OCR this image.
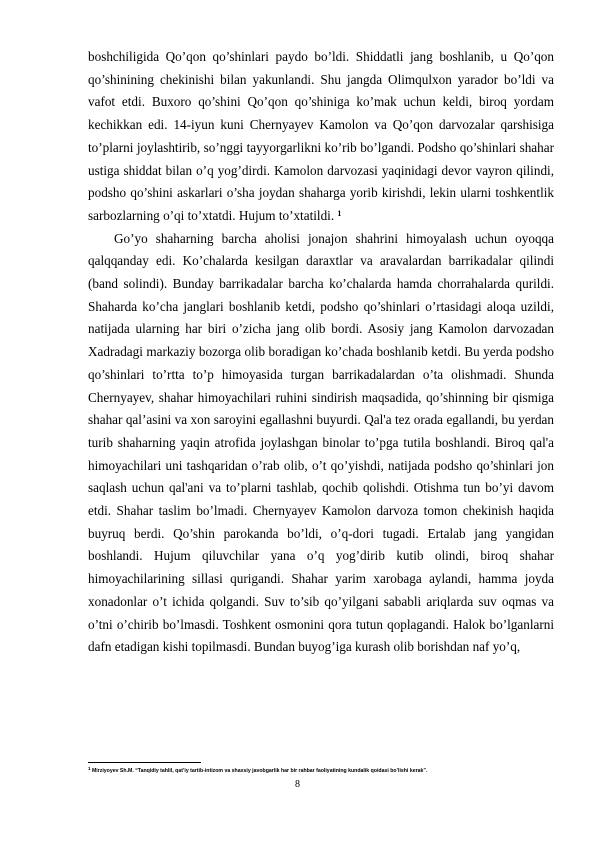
boshchiligida Qo’qon qo’shinlari paydo bo’ldi. Shiddatli jang boshlanib, u Qo’qon qo’shinining chekinishi bilan yakunlandi. Shu jangda Olimqulxon yarador bo’ldi va vafot etdi. Buxoro qo’shini Qo’qon qo’shiniga ko’mak uchun keldi, biroq yordam kechikkan edi. 14-iyun kuni Chernyayev Kamolon va Qo’qon darvozalar qarshisiga to’plarni joylashtirib, so’nggi tayyorgarlikni ko’rib bo’lgandi. Podsho qo’shinlari shahar ustiga shiddat bilan o’q yog’dirdi. Kamolon darvozasi yaqinidagi devor vayron qilindi, podsho qo’shini askarlari o’sha joydan shaharga yorib kirishdi, lekin ularni toshkentlik sarbozlarning o’qi to’xtatdi. Hujum to’xtatildi. $^1$

Go’yo shaharning barcha aholisi jonajon shahrini himoyalash uchun oyoqqa qalqqanday edi. Ko’chalarda kesilgan daraxtlar va aravalardan barrikadalar qilindi (band solindi). Bunday barrikadalar barcha ko’chalarda hamda chorrahalarda qurildi. Shaharda ko’cha janglari boshlanib ketdi, podsho qo’shinlari o’rtasidagi aloqa uzildi, natijada ularning har biri o’zicha jang olib bordi. Asosiy jang Kamolon darvozadan Xadradagi markaziy bozorga olib boradigan ko’chada boshlanib ketdi. Bu yerda podsho qo’shinlari to’rtta to’p himoyasida turgan barrikadalardan o’ta olishmadi. Shunda Chernyayev, shahar himoyachilari ruhini sindirish maqsadida, qo’shinning bir qismiga shahar qal’asini va xon saroyini egallashni buyurdi. Qal'a tez orada egallandi, bu yerdan turib shaharning yaqin atrofida joylashgan binolar to’pga tutila boshlandi. Biroq qal'a himoyachilari uni tashqaridan o’rab olib, o’t qo’yishdi, natijada podsho qo’shinlari jon saqlash uchun qal'ani va to’plarni tashlab, qochib qolishdi. Otishma tun bo’yi davom etdi. Shahar taslim bo’lmadi. Chernyayev Kamolon darvoza tomon chekinish haqida buyruq berdi. Qo’shin parokanda bo’ldi, o’q-dori tugadi. Ertalab jang yangidan boshlandi. Hujum qiluvchilar yana o’q yog’dirib kutib olindi, biroq shahar himoyachilarining sillasi qurigandi. Shahar yarim xarobaga aylandi, hamma joyda xonadonlar o’t ichida qolgandi. Suv to’sib qo’yilgani sababli ariqlarda suv oqmas va o’tni o’chirib bo’lmasdi. Toshkent osmonini qora tutun qoplagandi. Halok bo’lganlarni dafn etadigan kishi topilmasdi. Bundan buyog’iga kurash olib borishdan naf yo’q,

$^1$ Mirziyoyev Sh.M. “Tanqidiy tahlil, qat’iy tartib-intizom va shaxsiy javobgarlik har bir rahbar faoliyatining kundalik qoidasi bo’lishi kerak”.
8
